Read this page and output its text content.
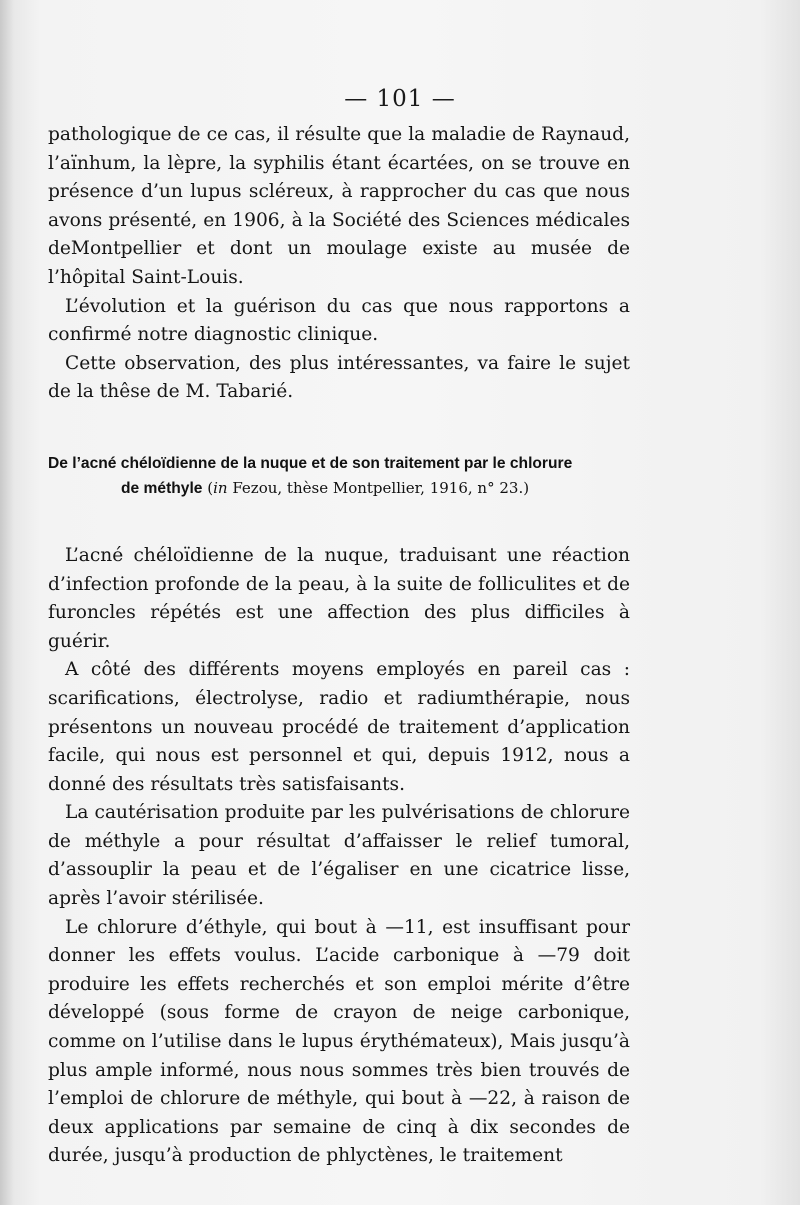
— 101 —

pathologique de ce cas, il résulte que la maladie de Raynaud, l’aïnhum, la lèpre, la syphilis étant écartées, on se trouve en présence d’un lupus scléreux, à rapprocher du cas que nous avons présenté, en 1906, à la Société des Sciences médicales deMontpellier et dont un moulage existe au musée de l’hôpital Saint-Louis.

L’évolution et la guérison du cas que nous rapportons a confirmé notre diagnostic clinique.

Cette observation, des plus intéressantes, va faire le sujet de la thêse de M. Tabarié.

De l’acné chéloïdienne de la nuque et de son traitement par le chlorure
de méthyle (in Fezou, thèse Montpellier, 1916, n° 23.)

L’acné chéloïdienne de la nuque, traduisant une réaction d’infection profonde de la peau, à la suite de folliculites et de furoncles répétés est une affection des plus difficiles à guérir.

A côté des différents moyens employés en pareil cas : scarifications, électrolyse, radio et radiumthérapie, nous présentons un nouveau procédé de traitement d’application facile, qui nous est personnel et qui, depuis 1912, nous a donné des résultats très satisfaisants.

La cautérisation produite par les pulvérisations de chlorure de méthyle a pour résultat d’affaisser le relief tumoral, d’assouplir la peau et de l’égaliser en une cicatrice lisse, après l’avoir stérilisée.

Le chlorure d’éthyle, qui bout à —11, est insuffisant pour donner les effets voulus. L’acide carbonique à —79 doit produire les effets recherchés et son emploi mérite d’être développé (sous forme de crayon de neige carbonique, comme on l’utilise dans le lupus érythémateux), Mais jusqu’à plus ample informé, nous nous sommes très bien trouvés de l’emploi de chlorure de méthyle, qui bout à —22, à raison de deux applications par semaine de cinq à dix secondes de durée, jusqu’à production de phlyctènes, le traitement
